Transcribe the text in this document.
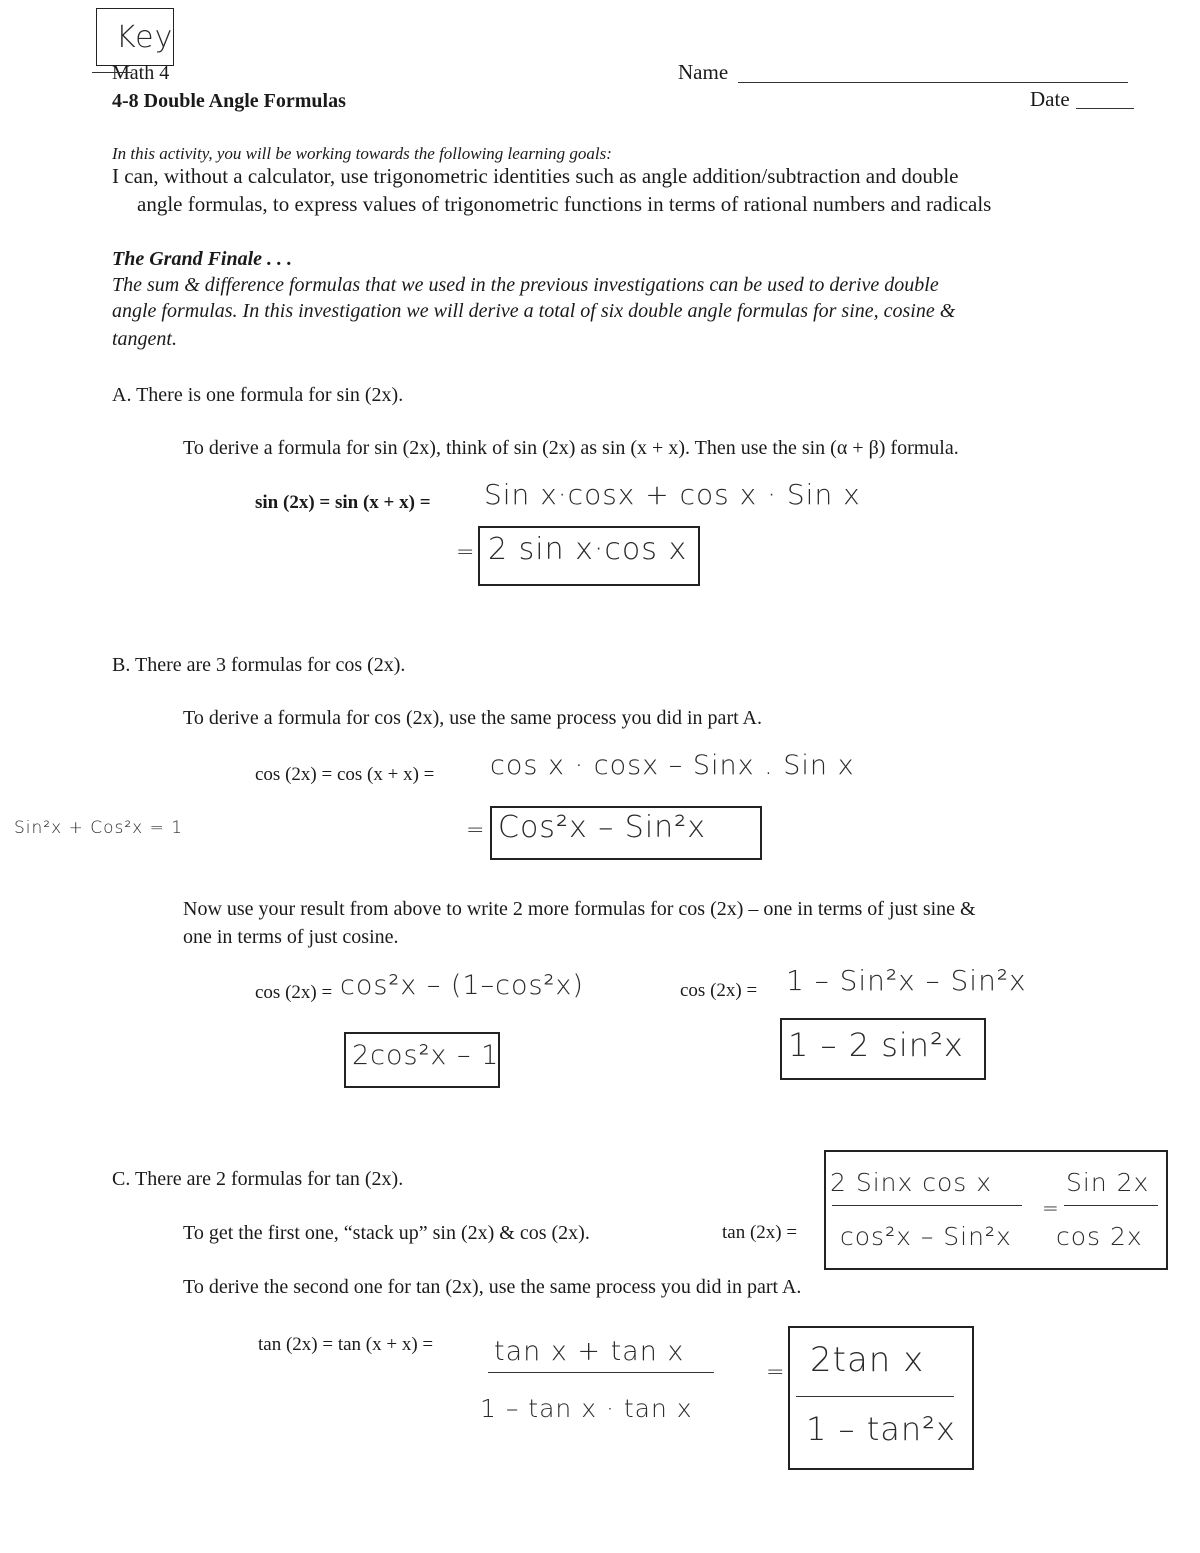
Key
Math 4	Name
4-8 Double Angle Formulas	Date
In this activity, you will be working towards the following learning goals:
I can, without a calculator, use trigonometric identities such as angle addition/subtraction and double
angle formulas, to express values of trigonometric functions in terms of rational numbers and radicals
The Grand Finale . . .
The sum & difference formulas that we used in the previous investigations can be used to derive double
angle formulas. In this investigation we will derive a total of six double angle formulas for sine, cosine &
tangent.
A. There is one formula for sin (2x).
To derive a formula for sin (2x), think of sin (2x) as sin (x + x). Then use the sin (α + β) formula.
sin (2x) = sin (x + x) = Sin x·cosx + cos x · Sin x
= 2 sin x·cos x
B. There are 3 formulas for cos (2x).
To derive a formula for cos (2x), use the same process you did in part A.
cos (2x) = cos (x + x) = cos x · cosx – Sinx . Sin x
Sin²x + Cos²x = 1	= Cos²x – Sin²x
Now use your result from above to write 2 more formulas for cos (2x) – one in terms of just sine &
one in terms of just cosine.
cos (2x) = cos²x – (1–cos²x)
2cos²x – 1
cos (2x) = 1 – Sin²x – Sin²x
1 – 2 sin²x
C. There are 2 formulas for tan (2x).
To get the first one, “stack up” sin (2x) & cos (2x).	tan (2x) =
2 Sinx cos x
cos²x – Sin²x
=
Sin 2x
cos 2x
To derive the second one for tan (2x), use the same process you did in part A.
tan (2x) = tan (x + x) = tan x + tan x
1 – tan x · tan x
= 2tan x
1 – tan²x
